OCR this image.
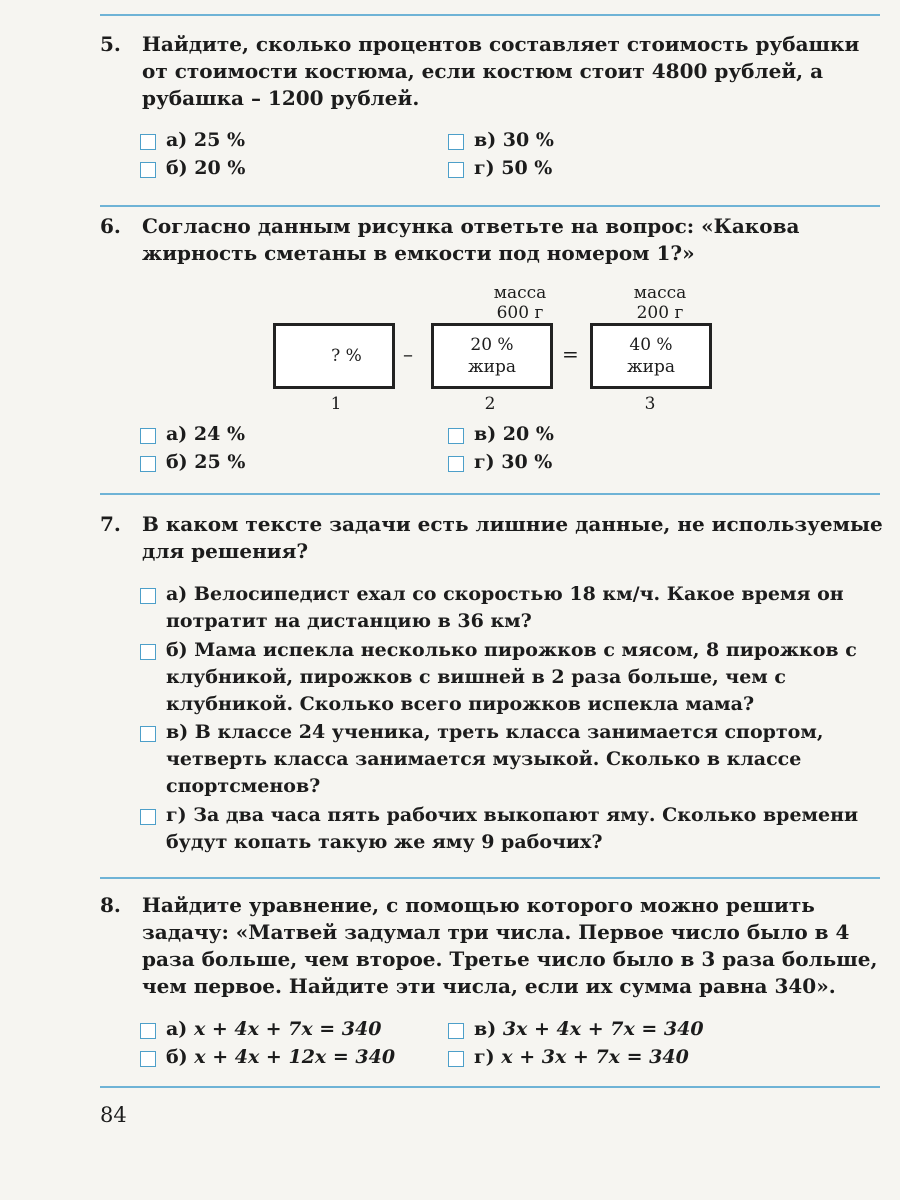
5. Найдите, сколько процентов составляет стоимость рубашки от стоимости костюма, если костюм стоит 4800 рублей, а рубашка – 1200 рублей.
а) 25 %
б) 20 %
в) 30 %
г) 50 %
6. Согласно данным рисунка ответьте на вопрос: «Какова жирность сметаны в емкости под номером 1?»
масса
600 г
масса
200 г
? % –	20 %
жира
=	40 %
жира
1	2	3
а) 24 %
б) 25 %
в) 20 %
г) 30 %
7. В каком тексте задачи есть лишние данные, не используемые для решения?
а) Велосипедист ехал со скоростью 18 км/ч. Какое время он потратит на дистанцию в 36 км?
б) Мама испекла несколько пирожков с мясом, 8 пирожков с клубникой, пирожков с вишней в 2 раза больше, чем с клубникой. Сколько всего пирожков испекла мама?
в) В классе 24 ученика, треть класса занимается спортом, четверть класса занимается музыкой. Сколько в классе спортсменов?
г) За два часа пять рабочих выкопают яму. Сколько времени будут копать такую же яму 9 рабочих?
8. Найдите уравнение, с помощью которого можно решить задачу: «Матвей задумал три числа. Первое число было в 4 раза больше, чем второе. Третье число было в 3 раза больше, чем первое. Найдите эти числа, если их сумма равна 340».
а) x + 4x + 7x = 340
б) x + 4x + 12x = 340
в) 3x + 4x + 7x = 340
г) x + 3x + 7x = 340
84
